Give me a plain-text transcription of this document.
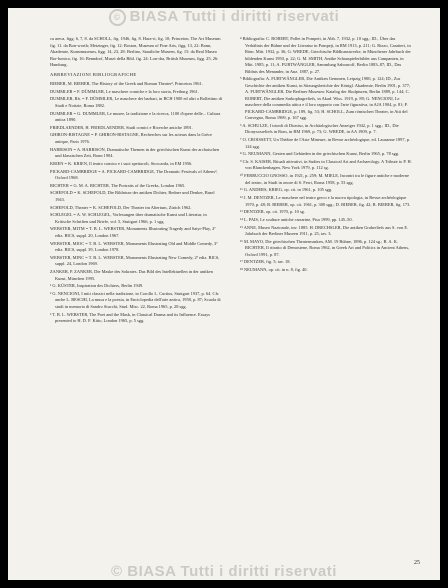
© BIASA Tutti i diritti riservati

ca areca, figg. 6, 7, 8. da SCHOLL, fig. 1946, fig. 8. Hara-ri, fig. 10; Princeton, The Art Museum fig. 11. da Bon-worth; Metzinger, fig. 12: Boston, Museum of Fine Arts, figg. 13, 22: Bonn, Akademie, Kunstmuseum, figg. 14, 23, 28: Berlino, Staatliche Museen, fig. 15: da Real Museo Bor-bonico, fig. 16: Benndorf, Musei della Bibl. fig. 24: Lon-dra, British Museum, figg. 25, 26: Hamburg.

ABBREVIAZIONI BIBLIOGRAFICHE

BIEBER, M. BIEBER, The History of the Greek and Roman Theater², Princeton 1961.

DUMMLER = F. DÜMMLER, Le maschere comiche e la loro storia, Freiburg 1961.

DUMMLER, Rh. = F. DÜMMLER, Le maschere dei barbari, in BCH 1900 ed altri a Bollettino di Studi e Notizie, Roma 1882.

DUMMLER = G. DUMMLER, Le musee, la tradizione e la ricerca, 1100 d'opere delle... Cultura antica 1890.

FRIEDLAENDER, H. FRIEDLAENDER, Studi comici e Ricerche antiche 1891.

GHIRON-BISTAGNE = P. GHIRON-BISTAGNE, Recherches sur les acteurs dans la Grèce antique, Paris 1976.

HARRISON = A. HARRISON, Dramatische Themen in der griechischen Kunst der archaischen und klassischen Zeit, Bonn 1904.

KRIEN = K. KRIEN, Il teatro comico e i suoi spettacoli, Stoccarda, in EM 1956.

PICKARD-CAMBRIDGE = A. PICKARD-CAMBRIDGE, The Dramatic Festivals of Athens², Oxford 1968.

RICHTER = G. M. A. RICHTER, The Portraits of the Greeks, London 1965.

SCHEFOLD = K. SCHEFOLD, Die Bildnisse der antiken Dichter, Redner und Denker, Basel 1943.

SCHEFOLD, Theater = K. SCHEFOLD, Der Theater im Altertum, Zürich 1962.

SCHLEGEL = A. W. SCHLEGEL, Vorlesungen über dramatische Kunst und Literatur, in Kritische Schriften und Briefe, vol. 5, Stuttgart 1966, p. 1 sgg.

WEBSTER, MITM = T. B. L. WEBSTER, Monuments Illustrating Tragedy and Satyr-Play, 2ª ediz. BICS, suppl. 20, London 1967.

WEBSTER, MIOC = T. B. L. WEBSTER, Monuments Illustrating Old and Middle Comedy, 3ª ediz. BICS, suppl. 39, London 1978.

WEBSTER, MINC = T. B. L. WEBSTER, Monuments Illustrating New Comedy, 2ª ediz. BICS, suppl. 24, London 1969.

ZANKER, P. ZANKER, Die Maske des Sokrates. Das Bild des Intellektuellen in der antiken Kunst, München 1995.

¹ G. KÜSTER, Inspiration des Dichters, Berlin 1949.

² G. NENCIONI, I miti classici nella tradizione, in Corollo L. Curtius, Stuttgart 1937, p. 64. Cfr. anche L. BESCHI, La musa e la poesia, in Enciclopedia dell'arte antica, 1958, p. 87; Scuola di studi in memoria di Sandro Stucchi, Stud. Misc. 22, Roma 1965, p. 28 sgg.

³ T. B. L. WEBSTER, The Poet and the Mask, in Classical Drama and its Influence. Essays presented to H. D. F. Kitto, London 1965, p. 5 sgg.

⁴ Bibliografia: C. ROBERT, Pollet in Pompeii, in Abh. 7, 1932, p. 10 sgg.; ID., Über das Verhältnis der Bühne und der Literatur in Pompeji, in RM 1913, p. 211; G. Rizzo, Caratteri, in Röm. Mitt. 1932, p. 36; G. WREDE, Griechische Bildkunstwerke, in Münchener Jahrbuch der bildenden Kunst 1950, p. 22; G. M. SMITH, Antike Schauspielerbilder aus Campanien, in Mitt. 1985, p. 11; A. FURTWÄNGLER, Sammlung Sabouroff, Berlin 1883–87; ID., Das Bildnis des Menander, in Anz. 1887, p. 27.

⁵ Bibliografia: A. FURTWÄNGLER, Die Antiken Gemmen, Leipzig 1900, p. 124; ID., Zur Geschichte der antiken Kunst, in Sitzungsberichte der Königl. Akademie, Berlin 1901, p. 377; A. FURTWÄNGLER, Die Berliner Museum: Katalog der Skulpturen, Berlin 1889, p. 144; C. ROBERT, Die antiken Sarkophagreliefs, in Akad. Wiss. 1919, p. 89; G. NENCIONI, Le maschere della commedia attica e il loro rapporto con l'arte figurativa, in AJA 1904, p. 81; P. PICKARD-CAMBRIDGE, p. 189, fig. 53; H. SCHOLL, Zum römischen Theater, in Atti del Convegno, Roma 1969, p. 167 sgg.

⁶ A. SCHULZE, I trionfi di Dioniso, in Archäologischer Anzeiger 1942, p. 1 sgg.; ID., Die Dionysosreliefs in Rom, in RM 1969, p. 73; G. WREDE, in AA 1909, p. 7.

⁷ O. CROISSETT, Un Théâtre de l'Asie Mineure, in Revue archéologique, ed. Lausanne 1897, p. 124 sgg.

⁸ G. NEUMANN, Gesten und Gebärden in der griechischen Kunst, Berlin 1965, p. 78 sgg.

⁹ Cfr. S. KAISER, Rituali attivativi, in Sudies in Classical Art and Archaeology. A Tribute to P. H. von Blanckenhagen, New York 1979, p. 112 sg.

¹⁰ FERRUCCIO GNOSSO, in 1921, p. 259; M. MIELE, Incontri tra le figure antiche e moderne del teatro, in Studi in onore di S. Ferri, Roma 1958, p. 53 sgg.

¹¹ G. ANDERS, KRIEG, op. cit. in 1961, p. 105 sgg.

¹² J. M. DENTZER, Le maschere nel teatro greco e la nuova tipologia, in Revue archéologique 1970, p. 48; B. BIEBER, op. cit. 1961, p. 300 sgg.; D. BIEBER, fig. 42; R. BIEBER, fig. 173.

¹³ DENTZER, op. cit. 1970, p. 10 sg.

¹⁴ L. PAIS, Le sculture antiche carrarine, Pisa 1999, pp. 145–50.

¹⁵ ANNE, Museo Nazionale, inv. 1885. H. DRECHSLER, Die antiken Grabreliefs aus S. von E. Jahrbuch der Berliner Museen 1911, p. 25, tav. 3.

¹⁶ M. MAYO, Die griechischen Theatermasken, AM. 19 Bühne, 1896, p. 124 sg.; B. A. K. RICHTER, Il ritratto di Demostene, Roma 1962, in Greek Art and Politics in Ancient Athens, Oxford 1991, p. 87.

¹⁷ DENTZER, fig. 5; tav. 18.

¹⁸ NEUMANN, op. cit. in n. 8, fig. 40.

25
© BIASA Tutti i diritti riservati
